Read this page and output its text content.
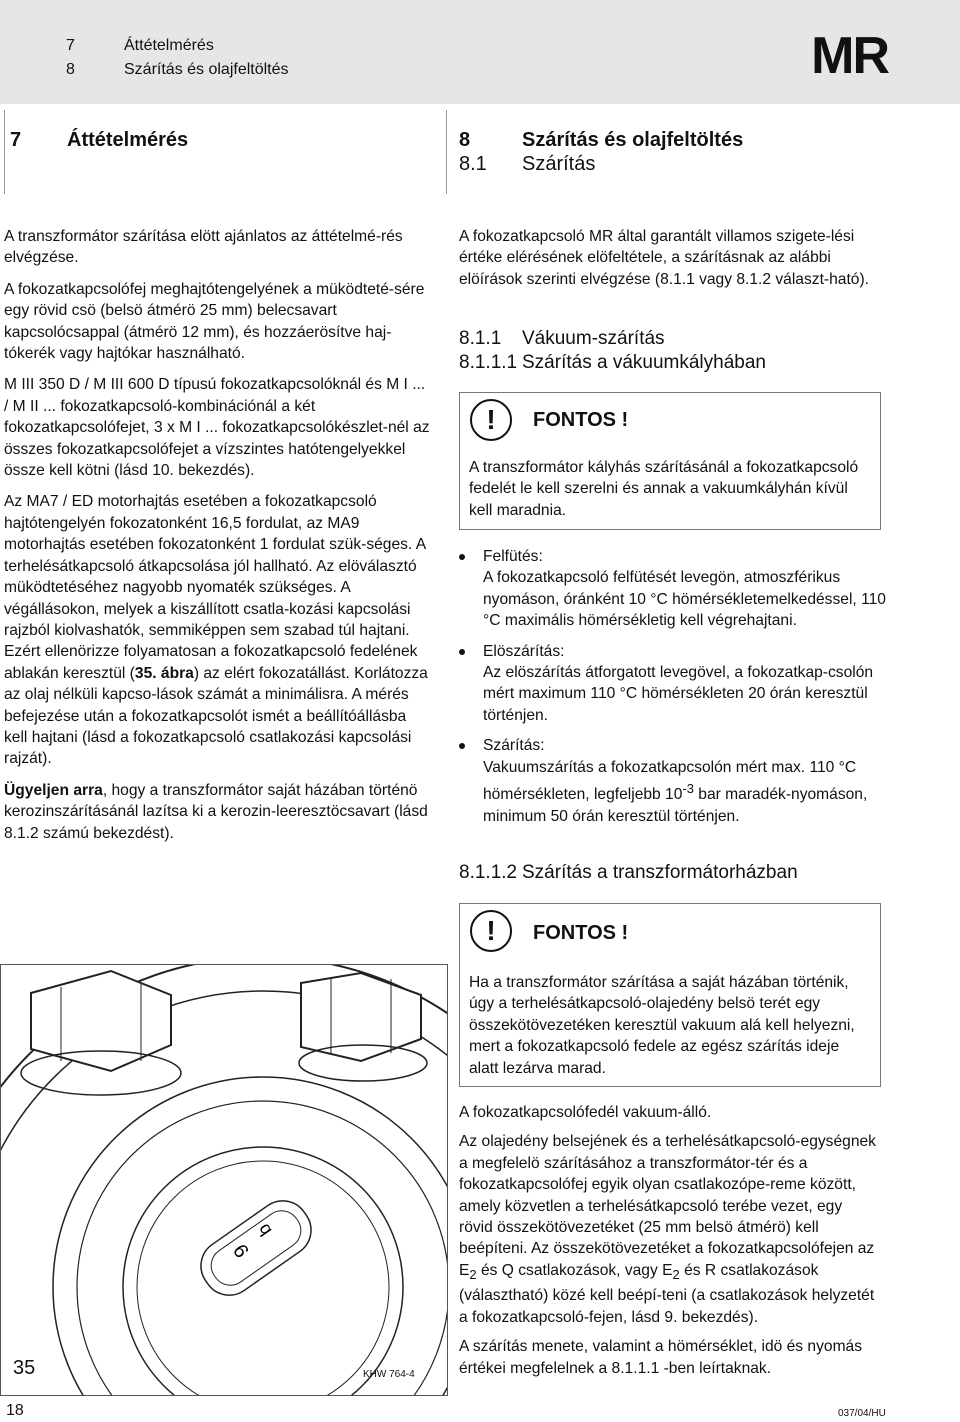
7	Áttételmérés
8	Szárítás és olajfeltöltés	MR
7 Áttételmérés	8	Szárítás és olajfeltöltés
8.1 Szárítás

A transzformátor szárítása elött ajánlatos az áttételmé-rés elvégzése.

A fokozatkapcsolófej meghajtótengelyének a müködteté-sére egy rövid csö (belsö átmérö 25 mm) belecsavart kapcsolócsappal (átmérö 12 mm), és hozzáerösítve haj-tókerék vagy hajtókar használható.

M III 350 D / M III 600 D típusú fokozatkapcsolóknál és M I ... / M II ... fokozatkapcsoló-kombinációnál a két fokozatkapcsolófejet, 3 x M I ... fokozatkapcsolókészlet-nél az összes fokozatkapcsolófejet a vízszintes hatótengelyekkel össze kell kötni (lásd 10. bekezdés).

Az MA7 / ED motorhajtás esetében a fokozatkapcsoló hajtótengelyén fokozatonként 16,5 fordulat, az MA9 motorhajtás esetében fokozatonként 1 fordulat szük-séges. A terhelésátkapcsoló átkapcsolása jól hallható. Az elöválasztó müködtetéséhez nagyobb nyomaték szükséges. A végállásokon, melyek a kiszállított csatla-kozási kapcsolási rajzból kiolvashatók, semmiképpen sem szabad túl hajtani. Ezért ellenörizze folyamatosan a fokozatkapcsoló fedelének ablakán keresztül (35. ábra) az elért fokozatállást. Korlátozza az olaj nélküli kapcso-lások számát a minimálisra. A mérés befejezése után a fokozatkapcsolót ismét a beállítóállásba kell hajtani (lásd a fokozatkapcsoló csatlakozási kapcsolási rajzát).

Ügyeljen arra, hogy a transzformátor saját házában történö kerozinszárításánál lazítsa ki a kerozin-leeresztöcsavart (lásd 8.1.2 számú bekezdést).

9
b
35	KHW 764-4

A fokozatkapcsoló MR által garantált villamos szigete-lési értéke elérésének elöfeltétele, a szárításnak az alábbi elöírások szerinti elvégzése (8.1.1 vagy 8.1.2 választ-ható).

8.1.1 Vákuum-szárítás
8.1.1.1 Szárítás a vákuumkályhában
!	FONTOS !
A transzformátor kályhás szárításánál a fokozatkapcsoló fedelét le kell szerelni és annak a vakuumkályhán kívül kell maradnia.
Felfütés:
A fokozatkapcsoló felfütését levegön, atmoszférikus nyomáson, óránként 10 °C hömérsékletemelkedéssel, 110 °C maximális hömérsékletig kell végrehajtani.
Elöszárítás:
Az elöszárítás átforgatott levegövel, a fokozatkap-csolón mért maximum 110 °C hömérsékleten 20 órán keresztül történjen.
Szárítás:
Vakuumszárítás a fokozatkapcsolón mért max. 110 °C hömérsékleten, legfeljebb $10^{-3}$ bar maradék-nyomáson, minimum 50 órán keresztül történjen.
8.1.1.2 Szárítás a transzformátorházban
!	FONTOS !
Ha a transzformátor szárítása a saját házában történik, úgy a terhelésátkapcsoló-olajedény belsö terét egy összekötövezetéken keresztül vakuum alá kell helyezni, mert a fokozatkapcsoló fedele az egész szárítás ideje alatt lezárva marad.

A fokozatkapcsolófedél vakuum-álló.

Az olajedény belsejének és a terhelésátkapcsoló-egységnek a megfelelö szárításához a transzformátor-tér és a fokozatkapcsolófej egyik olyan csatlakozópe-reme között, amely közvetlen a terhelésátkapcsoló terébe vezet, egy rövid összekötövezetéket (25 mm belsö átmérö) kell beépíteni. Az összekötövezetéket a fokozatkapcsolófejen az $E_2$ és Q csatlakozások, vagy $E_2$ és R csatlakozások (választható) közé kell beépí-teni (a csatlakozások helyzetét a fokozatkapcsoló-fejen, lásd 9. bekezdés).

A szárítás menete, valamint a hömérséklet, idö és nyomás értékei megfelelnek a 8.1.1.1 -ben leírtaknak.

18	037/04/HU
